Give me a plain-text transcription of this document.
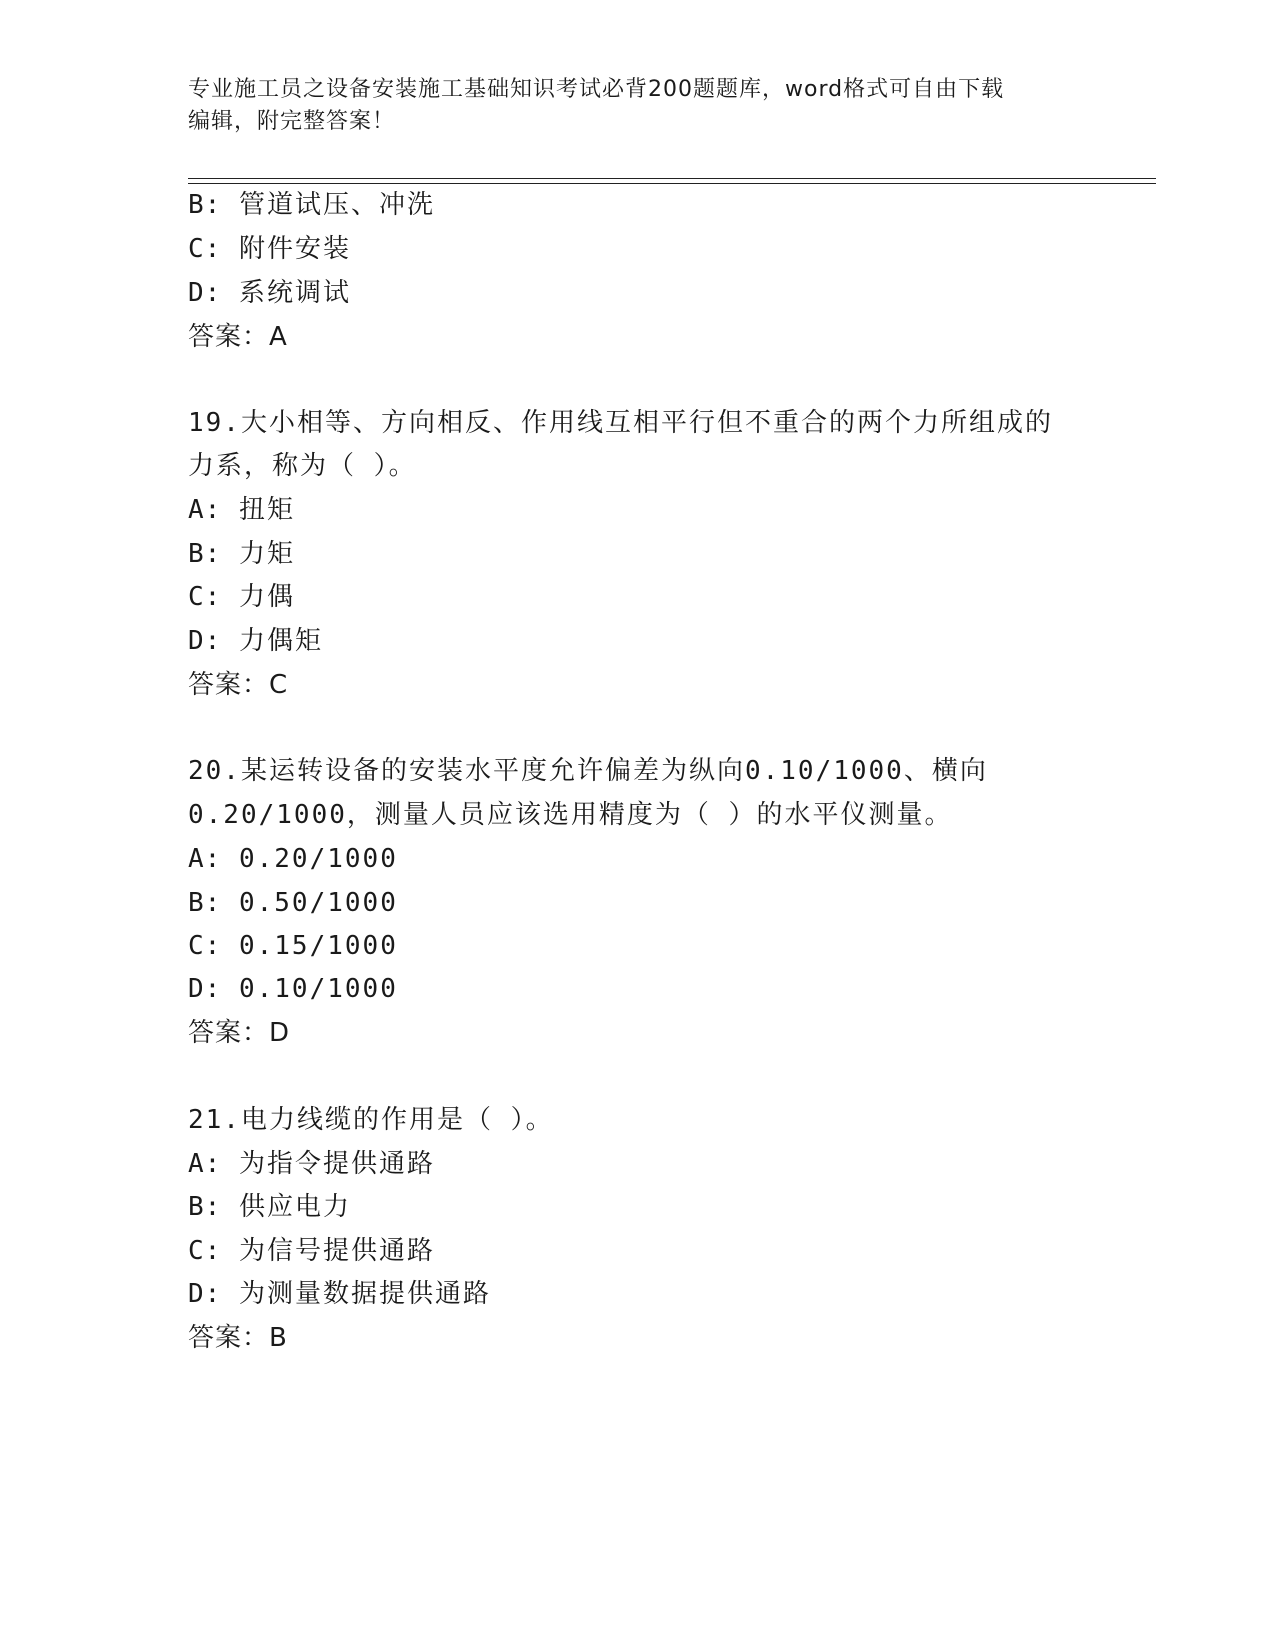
专业施工员之设备安装施工基础知识考试必背200题题库，word格式可自由下载
编辑，附完整答案！
B: 管道试压、冲洗
C: 附件安装
D: 系统调试
答案：A
19.大小相等、方向相反、作用线互相平行但不重合的两个力所组成的
力系，称为（ ）。
A: 扭矩
B: 力矩
C: 力偶
D: 力偶矩
答案：C
20.某运转设备的安装水平度允许偏差为纵向0.10/1000、横向
0.20/1000，测量人员应该选用精度为（ ）的水平仪测量。
A: 0.20/1000
B: 0.50/1000
C: 0.15/1000
D: 0.10/1000
答案：D
21.电力线缆的作用是（ ）。
A: 为指令提供通路
B: 供应电力
C: 为信号提供通路
D: 为测量数据提供通路
答案：B
